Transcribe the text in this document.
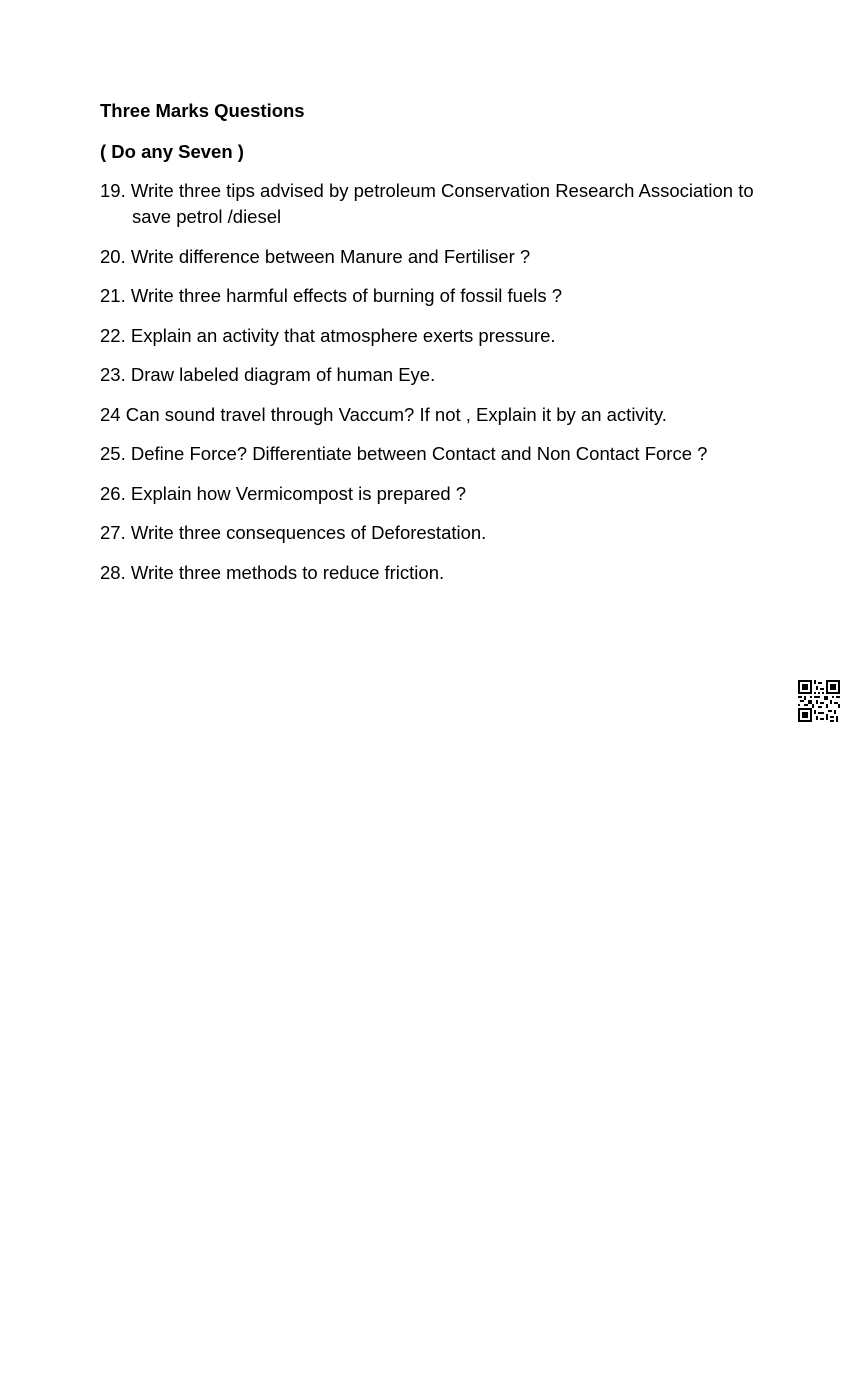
Three Marks Questions
( Do any Seven )
19. Write three tips advised by petroleum Conservation Research Association to save petrol /diesel
20. Write difference between Manure and Fertiliser ?
21. Write three harmful effects of burning of fossil fuels ?
22. Explain an activity that atmosphere exerts pressure.
23. Draw labeled diagram of human Eye.
24 Can sound travel through Vaccum? If not , Explain it by an activity.
25. Define Force? Differentiate between Contact and Non Contact Force ?
26. Explain how Vermicompost is prepared ?
27. Write three consequences of Deforestation.
28. Write three methods to reduce friction.
